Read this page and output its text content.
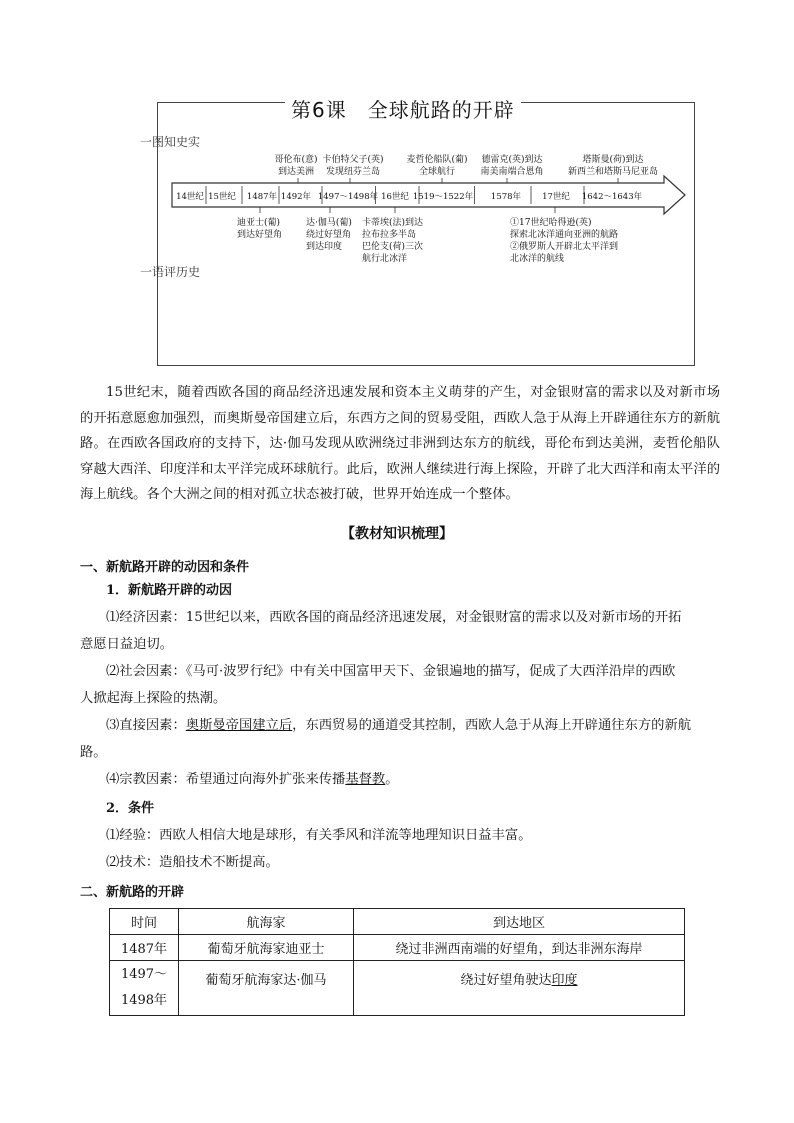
第6课　全球航路的开辟
一图知史实
一语评历史
14世纪 15世纪 1487年 1492年 1497～1498年 16世纪 1519～1522年 1578年 17世纪 1642～1643年
哥伦布(意)
到达美洲
卡伯特父子(英)
发现纽芬兰岛
麦哲伦船队(葡)
全球航行
德雷克(英)到达
南美南端合恩角
塔斯曼(荷)到达
新西兰和塔斯马尼亚岛
迪亚士(葡)
到达好望角
达·伽马(葡)
绕过好望角
到达印度
卡蒂埃(法)到达
拉布拉多半岛
巴伦支(荷)三次
航行北冰洋
①17世纪哈得逊(英)
探索北冰洋通向亚洲的航路
②俄罗斯人开辟北太平洋到
北冰洋的航线

15世纪末，随着西欧各国的商品经济迅速发展和资本主义萌芽的产生，对金银财富的需求以及对新市场的开拓意愿愈加强烈，而奥斯曼帝国建立后，东西方之间的贸易受阻，西欧人急于从海上开辟通往东方的新航路。在西欧各国政府的支持下，达·伽马发现从欧洲绕过非洲到达东方的航线，哥伦布到达美洲，麦哲伦船队穿越大西洋、印度洋和太平洋完成环球航行。此后，欧洲人继续进行海上探险，开辟了北大西洋和南太平洋的海上航线。各个大洲之间的相对孤立状态被打破，世界开始连成一个整体。

【教材知识梳理】
一、新航路开辟的动因和条件
1．新航路开辟的动因
⑴经济因素：15世纪以来，西欧各国的商品经济迅速发展，对金银财富的需求以及对新市场的开拓
意愿日益迫切。
⑵社会因素：《马可·波罗行纪》中有关中国富甲天下、金银遍地的描写，促成了大西洋沿岸的西欧
人掀起海上探险的热潮。
⑶直接因素：奥斯曼帝国建立后，东西贸易的通道受其控制，西欧人急于从海上开辟通往东方的新航
路。
⑷宗教因素：希望通过向海外扩张来传播基督教。
2．条件
⑴经验：西欧人相信大地是球形，有关季风和洋流等地理知识日益丰富。
⑵技术：造船技术不断提高。
二、新航路的开辟
时间	航海家	到达地区
1487年	葡萄牙航海家迪亚士	绕过非洲西南端的好望角，到达非洲东海岸

1497～
1498年	葡萄牙航海家达·伽马	绕过好望角驶达印度
